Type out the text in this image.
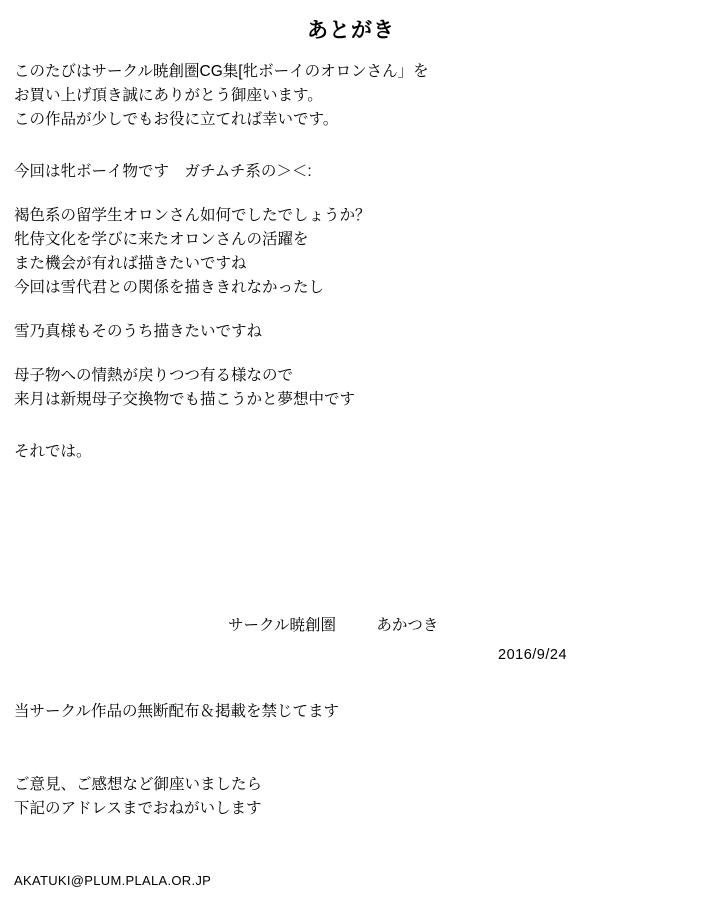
あとがき
このたびはサークル暁創圏CG集[牝ボーイのオロンさん」を
お買い上げ頂き誠にありがとう御座います。
この作品が少しでもお役に立てれば幸いです。
今回は牝ボーイ物です　ガチムチ系の＞＜:
褐色系の留学生オロンさん如何でしたでしょうか？
牝侍文化を学びに来たオロンさんの活躍を
また機会が有れば描きたいですね
今回は雪代君との関係を描ききれなかったし
雪乃真様もそのうち描きたいですね
母子物への情熱が戻りつつ有る様なので
来月は新規母子交換物でも描こうかと夢想中です
それでは。
サークル暁創圏	あかつき
2016/9/24
当サークル作品の無断配布＆掲載を禁じてます
ご意見、ご感想など御座いましたら
下記のアドレスまでおねがいします
AKATUKI@PLUM.PLALA.OR.JP
